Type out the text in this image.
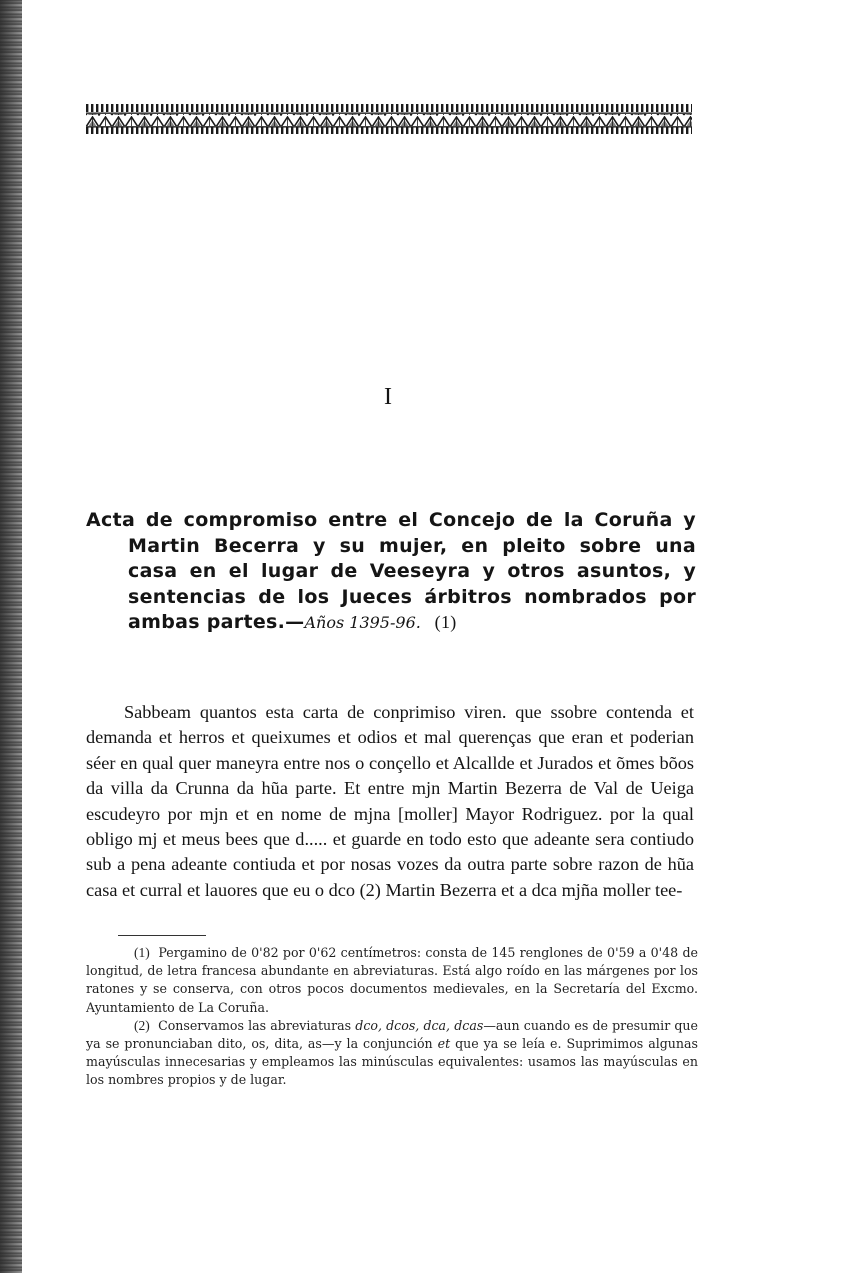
I
Acta de compromiso entre el Concejo de la Coruña y Martin Becerra y su mujer, en pleito sobre una casa en el lugar de Veeseyra y otros asuntos, y sentencias de los Jueces árbitros nombrados por ambas partes.—Años 1395-96. (1)

Sabbeam quantos esta carta de conprimiso viren. que ssobre contenda et demanda et herros et queixumes et odios et mal querenças que eran et poderian séer en qual quer maneyra entre nos o conçello et Alcallde et Jurados et õmes bõos da villa da Crunna da hũa parte. Et entre mjn Martin Bezerra de Val de Ueiga escudeyro por mjn et en nome de mjna [moller] Mayor Rodriguez. por la qual obligo mj et meus bees que d..... et guarde en todo esto que adeante sera contiudo sub a pena adeante contiuda et por nosas vozes da outra parte sobre razon de hũa casa et curral et lauores que eu o dco (2) Martin Bezerra et a dca mjña moller tee-

(1) Pergamino de 0'82 por 0'62 centímetros: consta de 145 renglones de 0'59 a 0'48 de longitud, de letra francesa abundante en abreviaturas. Está algo roído en las márgenes por los ratones y se conserva, con otros pocos documentos medievales, en la Secretaría del Excmo. Ayuntamiento de La Coruña.

(2) Conservamos las abreviaturas dco, dcos, dca, dcas—aun cuando es de presumir que ya se pronunciaban dito, os, dita, as—y la conjunción et que ya se leía e. Suprimimos algunas mayúsculas innecesarias y empleamos las minúsculas equivalentes: usamos las mayúsculas en los nombres propios y de lugar.
